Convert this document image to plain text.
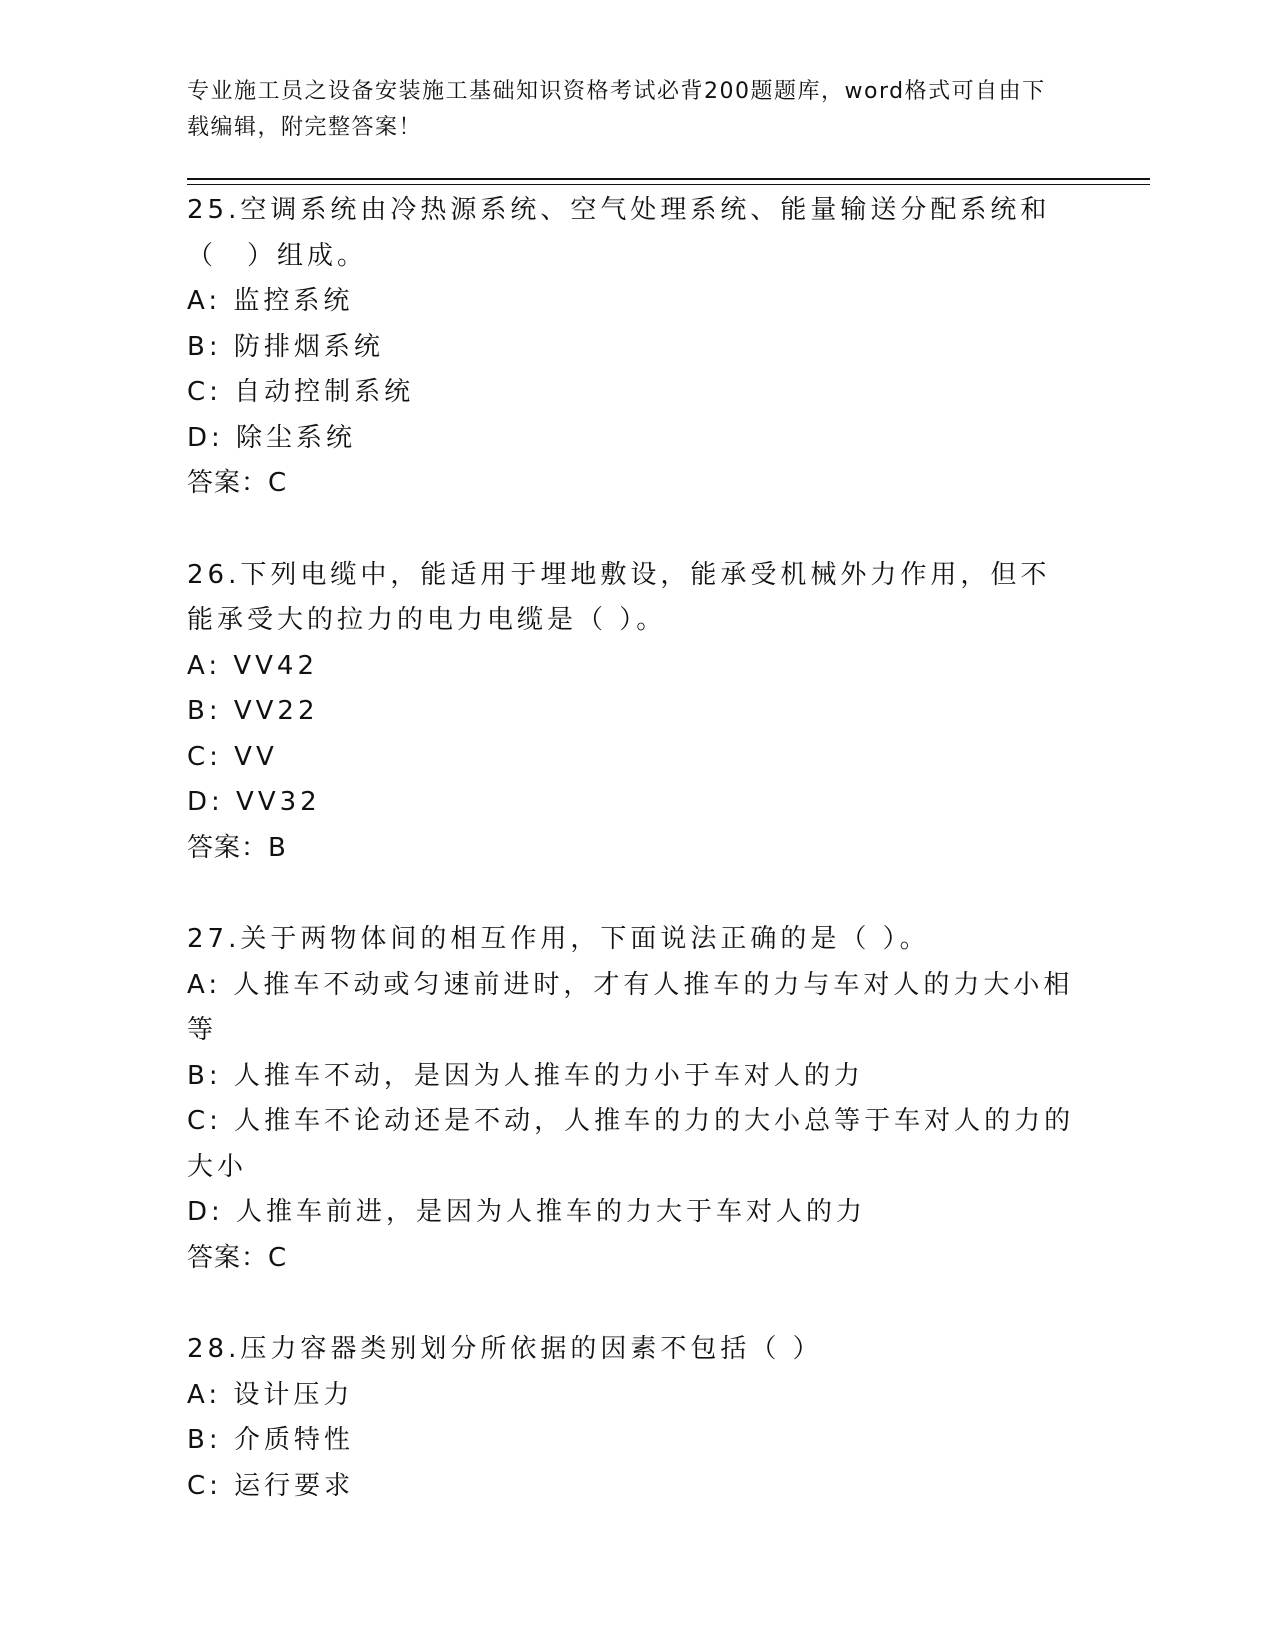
专业施工员之设备安装施工基础知识资格考试必背200题题库，word格式可自由下载编辑，附完整答案！
25.空调系统由冷热源系统、空气处理系统、能量输送分配系统和（　）组成。
A: 监控系统
B: 防排烟系统
C: 自动控制系统
D: 除尘系统
答案：C
26.下列电缆中，能适用于埋地敷设，能承受机械外力作用，但不能承受大的拉力的电力电缆是（ ）。
A: VV42
B: VV22
C: VV
D: VV32
答案：B
27.关于两物体间的相互作用，下面说法正确的是（ ）。
A: 人推车不动或匀速前进时，才有人推车的力与车对人的力大小相等
B: 人推车不动，是因为人推车的力小于车对人的力
C: 人推车不论动还是不动，人推车的力的大小总等于车对人的力的大小
D: 人推车前进，是因为人推车的力大于车对人的力
答案：C
28.压力容器类别划分所依据的因素不包括（ ）
A: 设计压力
B: 介质特性
C: 运行要求
